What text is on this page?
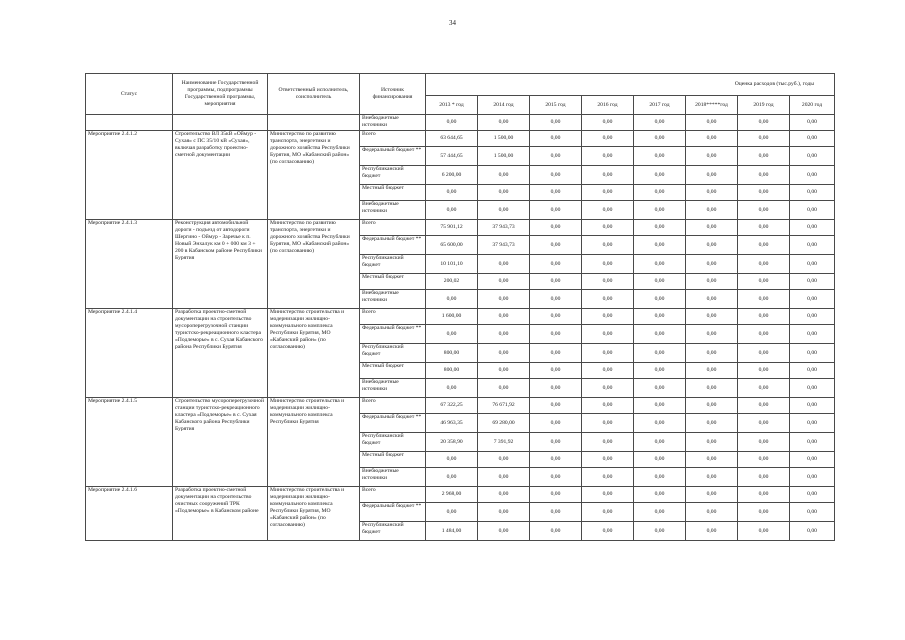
34
Статус	Наименование Государственной программы, подпрограммы Государственной программы, мероприятия	Ответственный исполнитель, соисполнитель	Источник финансирования	Оценка расходов (тыс.руб.), годы							
				2013 * год	2014 год	2015 год	2016 год	2017 год	2018*****год	2019 год	2020 год
			Внебюджетные источники	0,00	0,00	0,00	0,00	0,00	0,00	0,00	0,00
Мероприятие 2.4.1.2	Строительство ВЛ 35кВ «Оймур - Сухая» с ПС 35/10 кВ «Сухая», включая разработку проектно-сметной документации	Министерство по развитию транспорта, энергетики и дорожного хозяйства Республики Бурятия, МО «Кабанский район» (по согласованию)	Всего	63 644,65	1 500,00	0,00	0,00	0,00	0,00	0,00	0,00
			Федеральный бюджет **	57 444,65	1 500,00	0,00	0,00	0,00	0,00	0,00	0,00
			Республиканский бюджет	6 200,00	0,00	0,00	0,00	0,00	0,00	0,00	0,00
			Местный бюджет	0,00	0,00	0,00	0,00	0,00	0,00	0,00	0,00
			Внебюджетные источники	0,00	0,00	0,00	0,00	0,00	0,00	0,00	0,00
Мероприятие 2.4.1.3	Реконструкция автомобильной дороги - подъезд от автодороги Шергино - Оймур - Заречье к п. Новый Энхалук км 0 + 000 км 3 + 200 в Кабанском районе Республики Бурятия	Министерство по развитию транспорта, энергетики и дорожного хозяйства Республики Бурятия, МО «Кабанский район» (по согласованию)	Всего	75 901,12	37 943,73	0,00	0,00	0,00	0,00	0,00	0,00
			Федеральный бюджет **	65 600,00	37 943,73	0,00	0,00	0,00	0,00	0,00	0,00
			Республиканский бюджет	10 101,10	0,00	0,00	0,00	0,00	0,00	0,00	0,00
			Местный бюджет	200,02	0,00	0,00	0,00	0,00	0,00	0,00	0,00
			Внебюджетные источники	0,00	0,00	0,00	0,00	0,00	0,00	0,00	0,00
Мероприятие 2.4.1.4	Разработка проектно-сметной документации на строительство мусороперегрузочной станции туристско-рекреационного кластера «Подлеморье» в с. Сухая Кабанского района Республики Бурятия	Министерство строительства и модернизации жилищно-коммунального комплекса Республики Бурятия, МО «Кабанский район» (по согласованию)	Всего	1 600,00	0,00	0,00	0,00	0,00	0,00	0,00	0,00
			Федеральный бюджет **	0,00	0,00	0,00	0,00	0,00	0,00	0,00	0,00
			Республиканский бюджет	800,00	0,00	0,00	0,00	0,00	0,00	0,00	0,00
			Местный бюджет	800,00	0,00	0,00	0,00	0,00	0,00	0,00	0,00
			Внебюджетные источники	0,00	0,00	0,00	0,00	0,00	0,00	0,00	0,00
Мероприятие 2.4.1.5	Строительство мусороперегрузочной станции туристско-рекреационного кластера «Подлеморье» в с. Сухая Кабанского района Республики Бурятия	Министерство строительства и модернизации жилищно-коммунального комплекса Республики Бурятия	Всего	67 322,25	76 671,92	0,00	0,00	0,00	0,00	0,00	0,00
			Федеральный бюджет **	46 963,35	69 280,00	0,00	0,00	0,00	0,00	0,00	0,00
			Республиканский бюджет	20 358,90	7 391,92	0,00	0,00	0,00	0,00	0,00	0,00
			Местный бюджет	0,00	0,00	0,00	0,00	0,00	0,00	0,00	0,00
			Внебюджетные источники	0,00	0,00	0,00	0,00	0,00	0,00	0,00	0,00
Мероприятие 2.4.1.6	Разработка проектно-сметной документации на строительство очистных сооружений ТРК «Подлеморье» в Кабанском районе	Министерство строительства и модернизации жилищно-коммунального комплекса Республики Бурятия, МО «Кабанский район» (по согласованию)	Всего	2 968,00	0,00	0,00	0,00	0,00	0,00	0,00	0,00
			Федеральный бюджет **	0,00	0,00	0,00	0,00	0,00	0,00	0,00	0,00
			Республиканский бюджет	1 484,00	0,00	0,00	0,00	0,00	0,00	0,00	0,00
